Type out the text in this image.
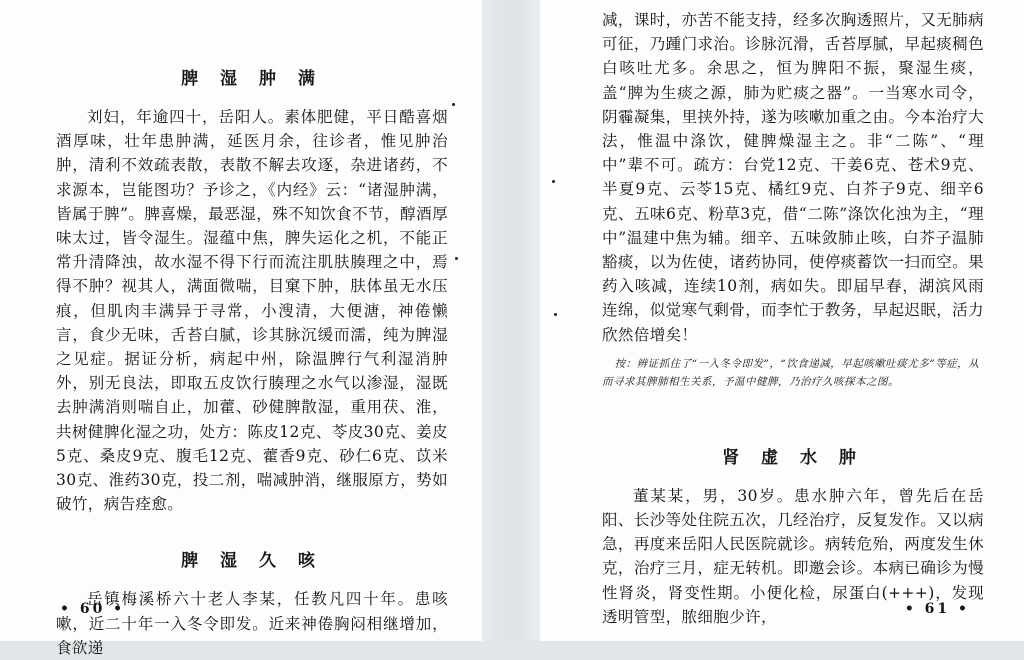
脾 湿 肿 满

刘妇，年逾四十，岳阳人。素体肥健，平日酷喜烟酒厚味，壮年患肿满，延医月余，往诊者，惟见肿治肿，清利不效疏表散，表散不解去攻逐，杂进诸药，不求源本，岂能图功？予诊之，《内经》云：“诸湿肿满，皆属于脾”。脾喜燥，最恶湿，殊不知饮食不节，醇酒厚味太过，皆令湿生。湿蕴中焦，脾失运化之机，不能正常升清降浊，故水湿不得下行而流注肌肤腠理之中，焉得不肿？视其人，满面微喘，目窠下肿，肤体虽无水压痕，但肌肉丰满异于寻常，小溲清，大便溏，神倦懒言，食少无味，舌苔白腻，诊其脉沉缓而濡，纯为脾湿之见症。据证分析，病起中州，除温脾行气利湿消肿外，别无良法，即取五皮饮行腠理之水气以渗湿，湿既去肿满消则喘自止，加藿、砂健脾散湿，重用茯、淮，共树健脾化湿之功，处方：陈皮12克、苓皮30克、姜皮5克、桑皮9克、腹毛12克、藿香9克、砂仁6克、苡米30克、淮药30克，投二剂，喘减肿消，继服原方，势如破竹，病告痊愈。

脾 湿 久 咳

岳镇梅溪桥六十老人李某，任教凡四十年。患咳嗽，近二十年一入冬令即发。近来神倦胸闷相继增加，食欲递

• 60 •

减，课时，亦苦不能支持，经多次胸透照片，又无肺病可征，乃踵门求治。诊脉沉滑，舌苔厚腻，早起痰稠色白咳吐尤多。余思之，恒为脾阳不振，聚湿生痰，盖“脾为生痰之源，肺为贮痰之器”。一当寒水司令，阴霾凝集，里挟外持，遂为咳嗽加重之由。今本治疗大法，惟温中涤饮，健脾燥湿主之。非“二陈”、“理中”辈不可。疏方：台党12克、干姜6克、苍术9克、半夏9克、云苓15克、橘红9克、白芥子9克、细辛6克、五味6克、粉草3克，借“二陈”涤饮化浊为主，“理中”温建中焦为辅。细辛、五味敛肺止咳，白芥子温肺豁痰，以为佐使，诸药协同，使停痰蓄饮一扫而空。果药入咳减，连续10剂，病如失。即届早春，湖滨风雨连绵，似觉寒气剩骨，而李忙于教务，早起迟眠，活力欣然倍增矣！

按：辨证抓住了“一入冬令即发”，“饮食递减，早起咳嗽吐痰尤多”等症，从而寻求其脾肺相生关系，予温中健脾，乃治疗久咳探本之图。

肾 虚 水 肿

董某某，男，30岁。患水肿六年，曾先后在岳阳、长沙等处住院五次，几经治疗，反复发作。又以病急，再度来岳阳人民医院就诊。病转危殆，两度发生休克，治疗三月，症无转机。即邀会诊。本病已确诊为慢性肾炎，肾变性期。小便化检，尿蛋白(+++)，发现透明管型，脓细胞少许，	• 61 •
